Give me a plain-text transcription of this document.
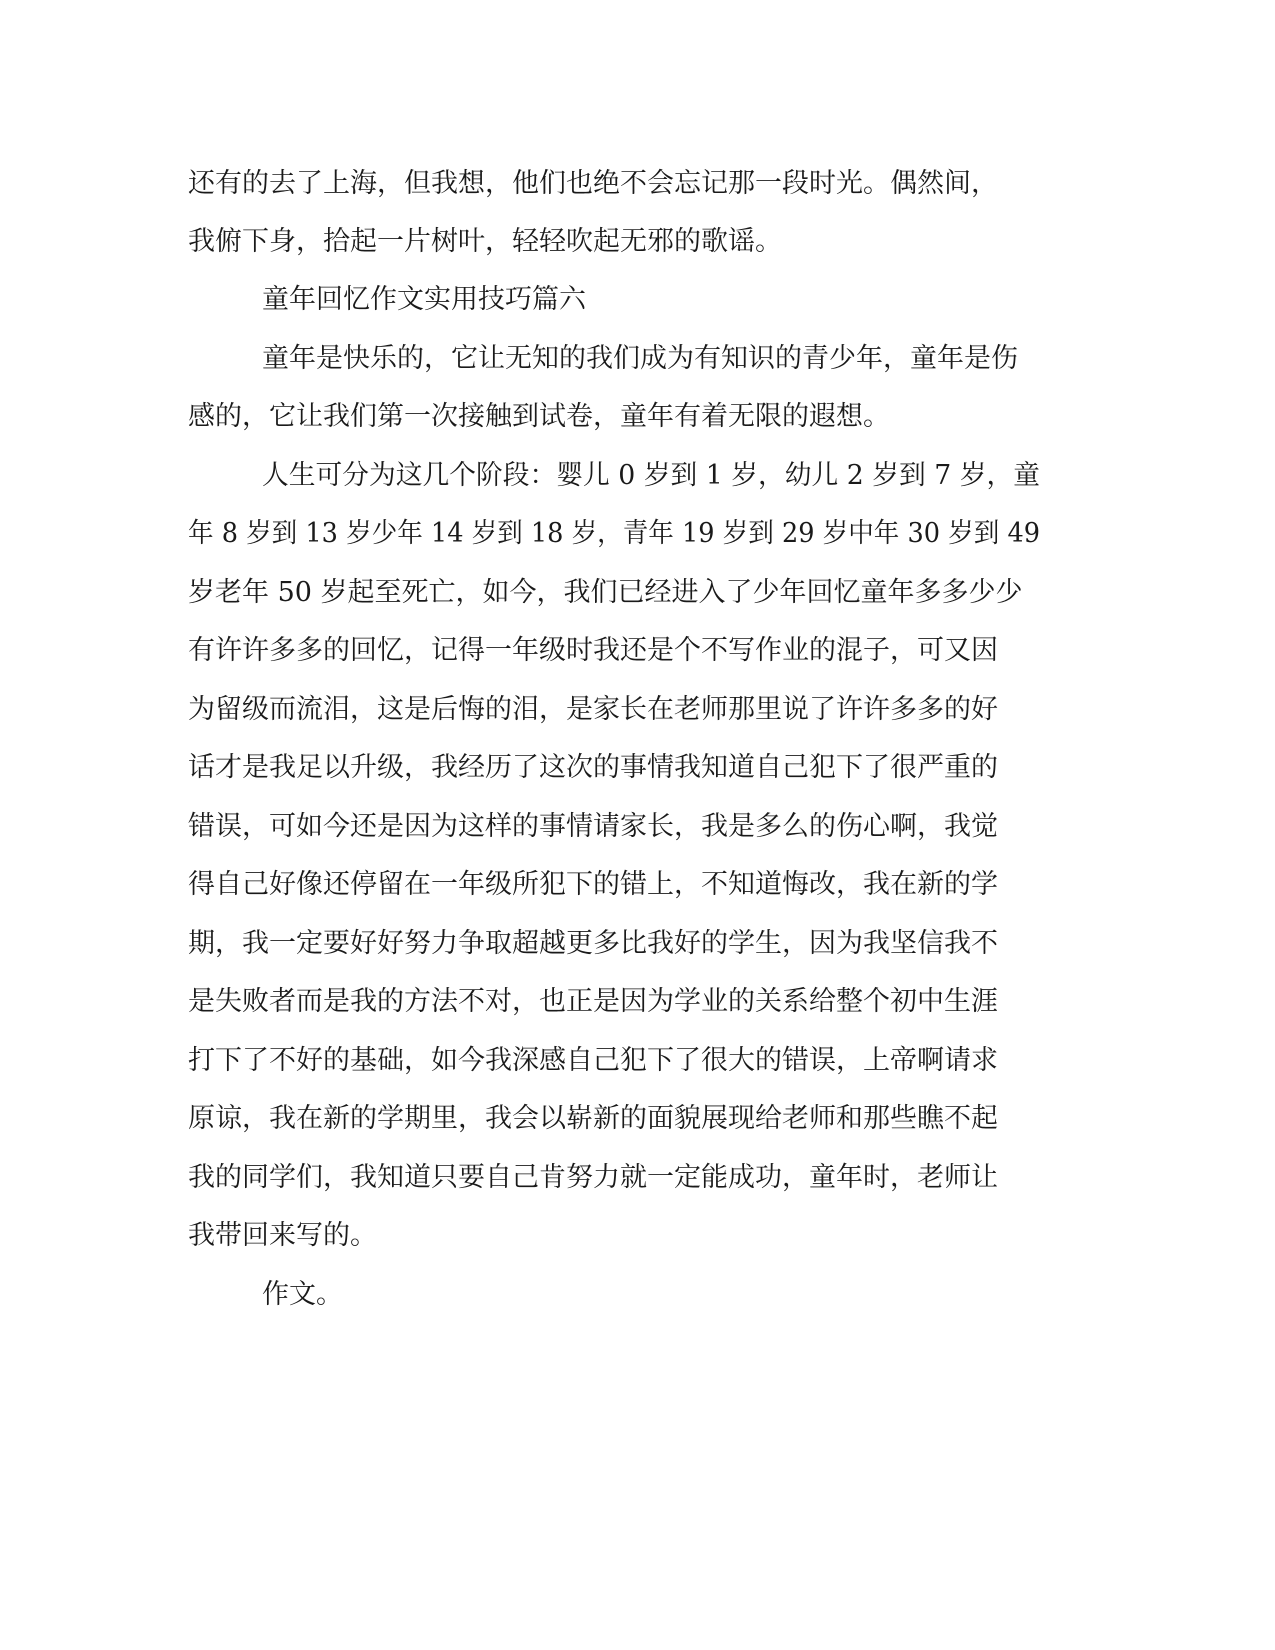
还有的去了上海，但我想，他们也绝不会忘记那一段时光。偶然间，

我俯下身，拾起一片树叶，轻轻吹起无邪的歌谣。

童年回忆作文实用技巧篇六

童年是快乐的，它让无知的我们成为有知识的青少年，童年是伤

感的，它让我们第一次接触到试卷，童年有着无限的遐想。

人生可分为这几个阶段：婴儿 0 岁到 1 岁，幼儿 2 岁到 7 岁，童

年 8 岁到 13 岁少年 14 岁到 18 岁，青年 19 岁到 29 岁中年 30 岁到 49

岁老年 50 岁起至死亡，如今，我们已经进入了少年回忆童年多多少少

有许许多多的回忆，记得一年级时我还是个不写作业的混子，可又因

为留级而流泪，这是后悔的泪，是家长在老师那里说了许许多多的好

话才是我足以升级，我经历了这次的事情我知道自己犯下了很严重的

错误，可如今还是因为这样的事情请家长，我是多么的伤心啊，我觉

得自己好像还停留在一年级所犯下的错上，不知道悔改，我在新的学

期，我一定要好好努力争取超越更多比我好的学生，因为我坚信我不

是失败者而是我的方法不对，也正是因为学业的关系给整个初中生涯

打下了不好的基础，如今我深感自己犯下了很大的错误，上帝啊请求

原谅，我在新的学期里，我会以崭新的面貌展现给老师和那些瞧不起

我的同学们，我知道只要自己肯努力就一定能成功，童年时，老师让

我带回来写的。

作文。
